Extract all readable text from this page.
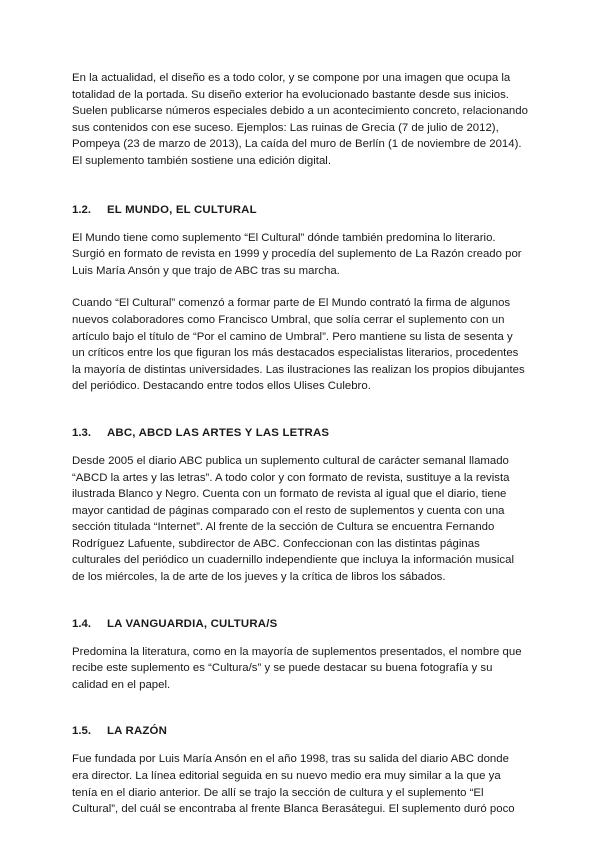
En la actualidad, el diseño es a todo color, y se compone por una imagen que ocupa la totalidad de la portada. Su diseño exterior ha evolucionado bastante desde sus inicios. Suelen publicarse números especiales debido a un acontecimiento concreto, relacionando sus contenidos con ese suceso. Ejemplos: Las ruinas de Grecia (7 de julio de 2012), Pompeya (23 de marzo de 2013), La caída del muro de Berlín (1 de noviembre de 2014). El suplemento también sostiene una edición digital.

1.2.	EL MUNDO, EL CULTURAL

El Mundo tiene como suplemento “El Cultural” dónde también predomina lo literario. Surgió en formato de revista en 1999 y procedía del suplemento de La Razón creado por Luis María Ansón y que trajo de ABC tras su marcha.

Cuando “El Cultural” comenzó a formar parte de El Mundo contrató la firma de algunos nuevos colaboradores como Francisco Umbral, que solía cerrar el suplemento con un artículo bajo el título de “Por el camino de Umbral”. Pero mantiene su lista de sesenta y un críticos entre los que figuran los más destacados especialistas literarios, procedentes la mayoría de distintas universidades. Las ilustraciones las realizan los propios dibujantes del periódico. Destacando entre todos ellos Ulises Culebro.

1.3.	ABC, ABCD LAS ARTES Y LAS LETRAS

Desde 2005 el diario ABC publica un suplemento cultural de carácter semanal llamado “ABCD la artes y las letras”. A todo color y con formato de revista, sustituye a la revista ilustrada Blanco y Negro. Cuenta con un formato de revista al igual que el diario, tiene mayor cantidad de páginas comparado con el resto de suplementos y cuenta con una sección titulada “Internet”. Al frente de la sección de Cultura se encuentra Fernando Rodríguez Lafuente, subdirector de ABC. Confeccionan con las distintas páginas culturales del periódico un cuadernillo independiente que incluya la información musical de los miércoles, la de arte de los jueves y la crítica de libros los sábados.

1.4.	LA VANGUARDIA, CULTURA/S

Predomina la literatura, como en la mayoría de suplementos presentados, el nombre que recibe este suplemento es “Cultura/s” y se puede destacar su buena fotografía y su calidad en el papel.

1.5.	LA RAZÓN

Fue fundada por Luis María Ansón en el año 1998, tras su salida del diario ABC donde era director. La línea editorial seguida en su nuevo medio era muy similar a la que ya tenía en el diario anterior. De allí se trajo la sección de cultura y el suplemento “El Cultural”, del cuál se encontraba al frente Blanca Berasátegui. El suplemento duró poco
